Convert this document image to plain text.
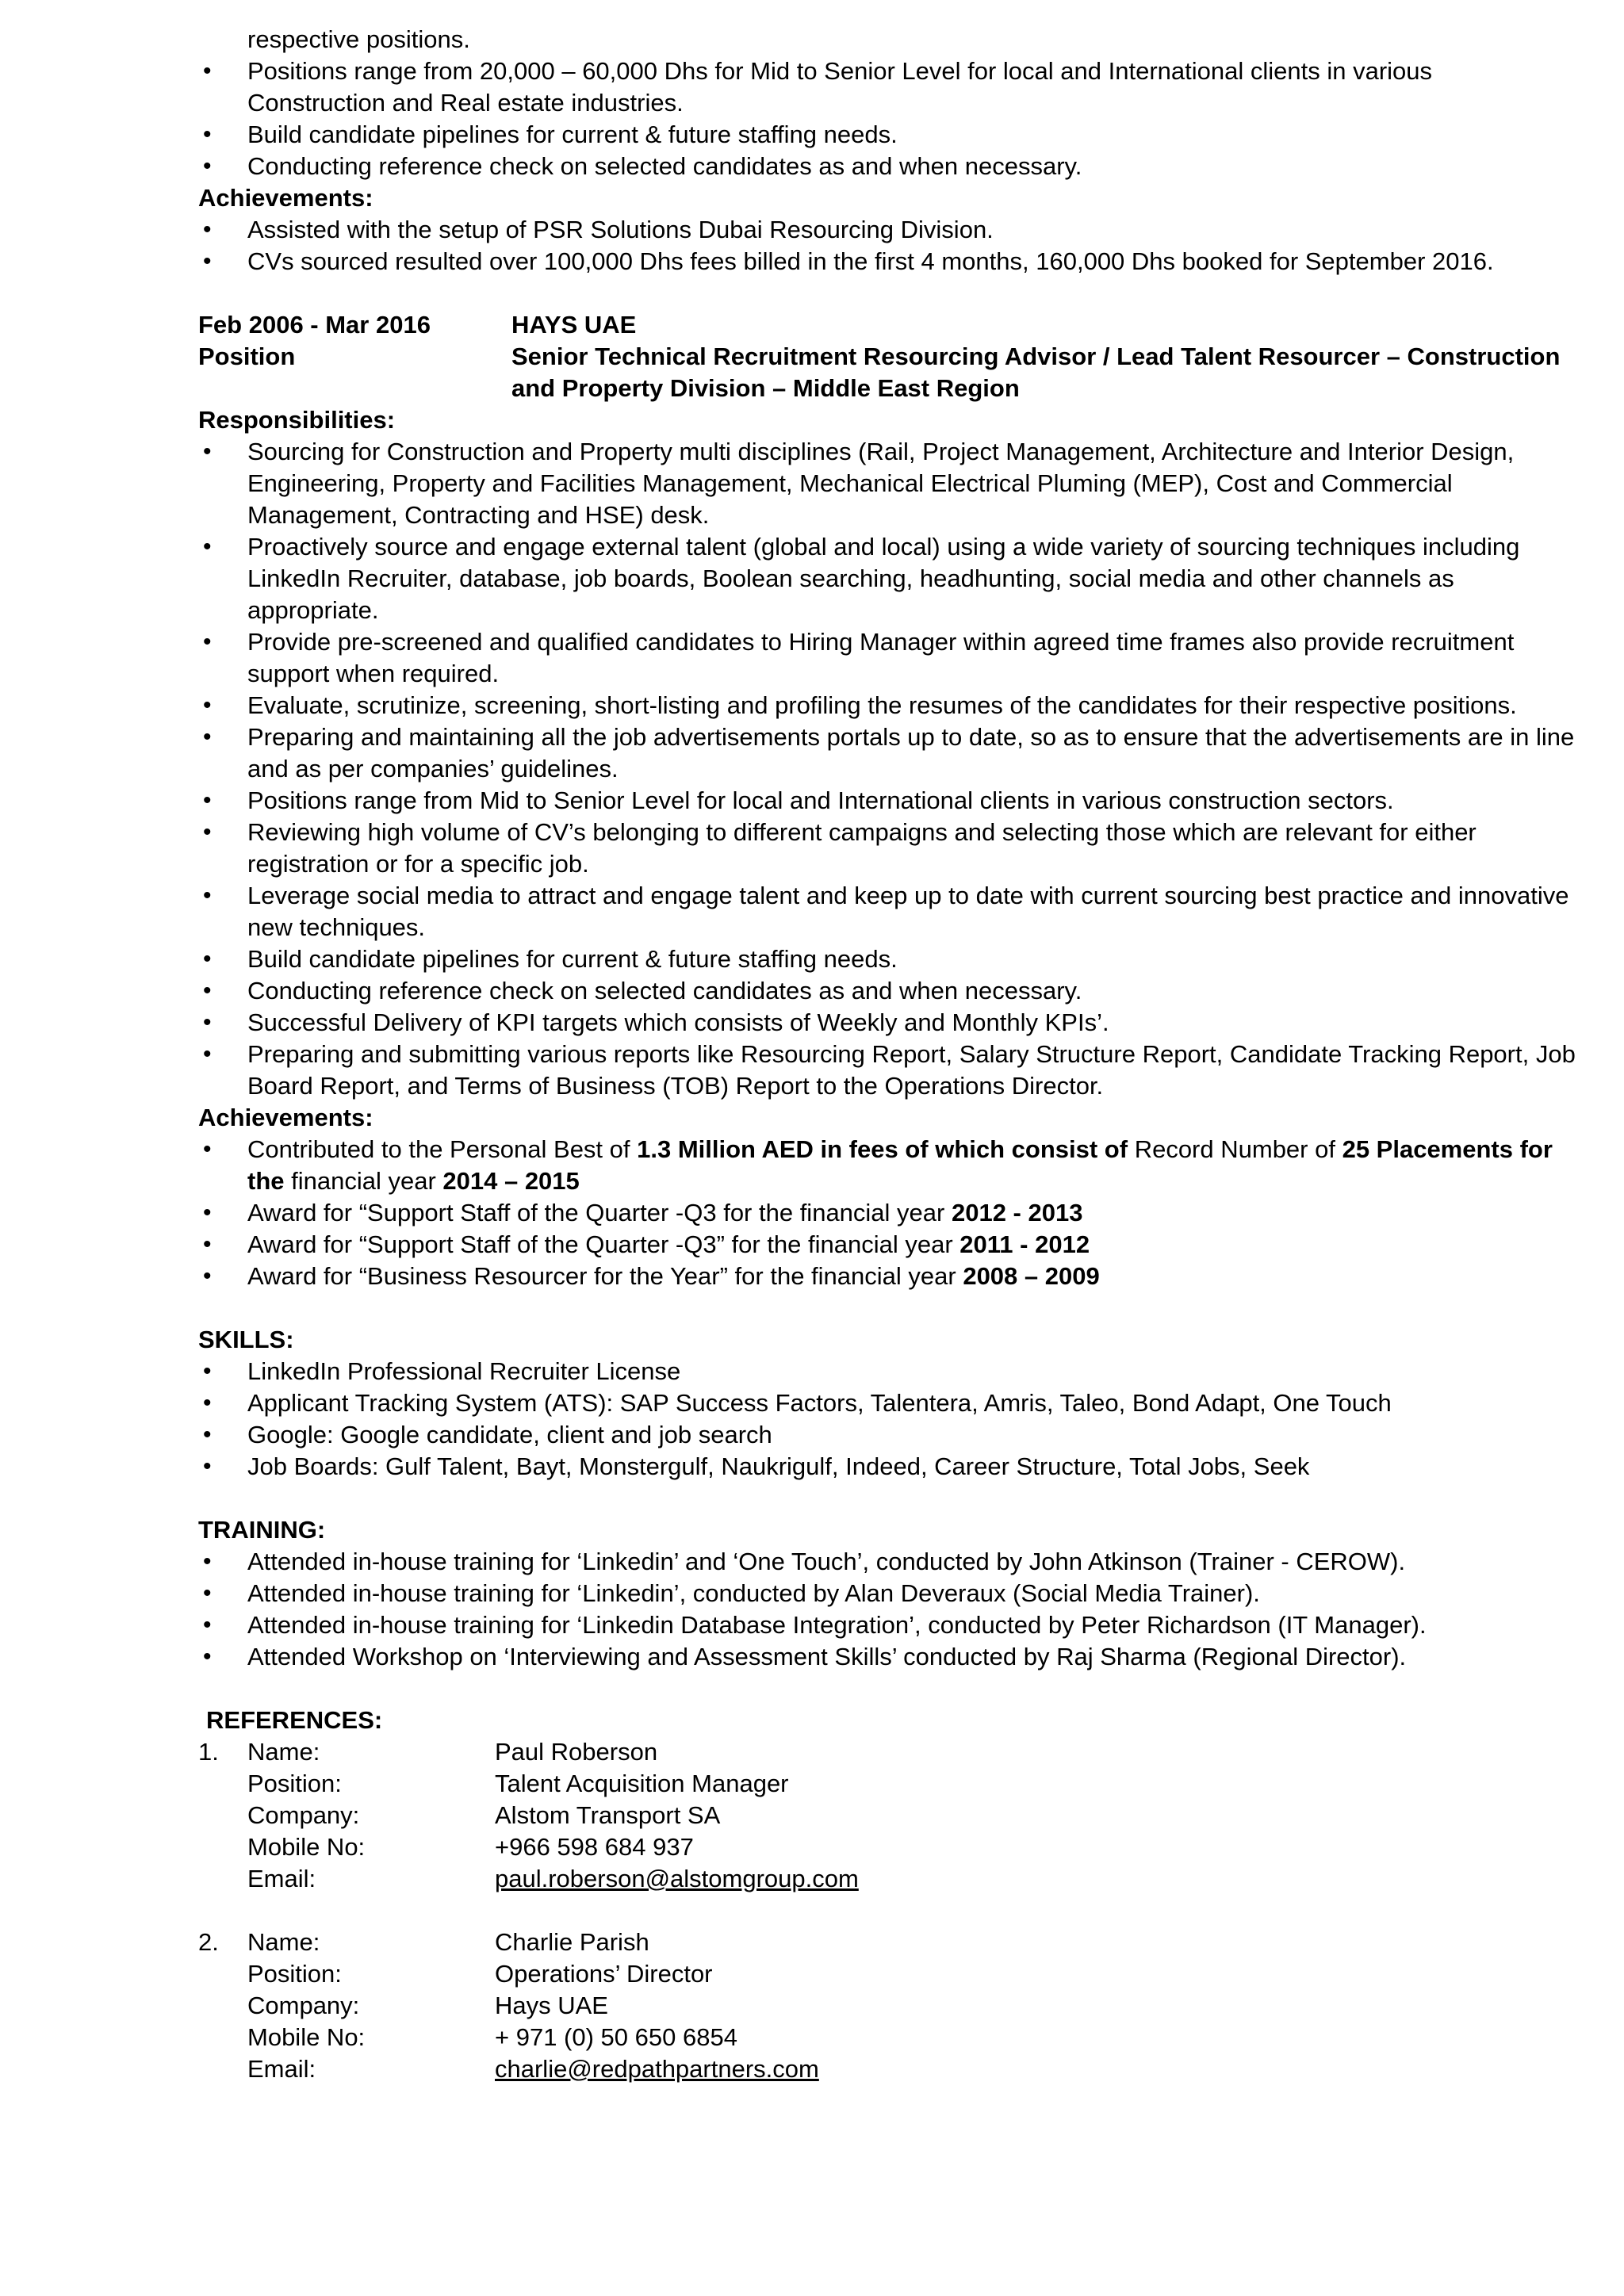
respective positions.

• Positions range from 20,000 – 60,000 Dhs for Mid to Senior Level for local and International clients in various Construction and Real estate industries.
• Build candidate pipelines for current & future staffing needs.
• Conducting reference check on selected candidates as and when necessary.

Achievements:

• Assisted with the setup of PSR Solutions Dubai Resourcing Division.
• CVs sourced resulted over 100,000 Dhs fees billed in the first 4 months, 160,000 Dhs booked for September 2016.
Feb 2006 - Mar 2016	HAYS UAE
Position	Senior Technical Recruitment Resourcing Advisor / Lead Talent Resourcer – Construction and Property Division – Middle East Region

Responsibilities:

• Sourcing for Construction and Property multi disciplines (Rail, Project Management, Architecture and Interior Design, Engineering, Property and Facilities Management, Mechanical Electrical Pluming (MEP), Cost and Commercial Management, Contracting and HSE) desk.
• Proactively source and engage external talent (global and local) using a wide variety of sourcing techniques including LinkedIn Recruiter, database, job boards, Boolean searching, headhunting, social media and other channels as appropriate.
• Provide pre-screened and qualified candidates to Hiring Manager within agreed time frames also provide recruitment support when required.
• Evaluate, scrutinize, screening, short-listing and profiling the resumes of the candidates for their respective positions.
• Preparing and maintaining all the job advertisements portals up to date, so as to ensure that the advertisements are in line and as per companies’ guidelines.
• Positions range from Mid to Senior Level for local and International clients in various construction sectors.
• Reviewing high volume of CV’s belonging to different campaigns and selecting those which are relevant for either registration or for a specific job.
• Leverage social media to attract and engage talent and keep up to date with current sourcing best practice and innovative new techniques.
• Build candidate pipelines for current & future staffing needs.
• Conducting reference check on selected candidates as and when necessary.
• Successful Delivery of KPI targets which consists of Weekly and Monthly KPIs’.
• Preparing and submitting various reports like Resourcing Report, Salary Structure Report, Candidate Tracking Report, Job Board Report, and Terms of Business (TOB) Report to the Operations Director.

Achievements:

• Contributed to the Personal Best of 1.3 Million AED in fees of which consist of Record Number of 25 Placements for the financial year 2014 – 2015
• Award for “Support Staff of the Quarter -Q3 for the financial year 2012 - 2013
• Award for “Support Staff of the Quarter -Q3” for the financial year 2011 - 2012
• Award for “Business Resourcer for the Year” for the financial year 2008 – 2009

SKILLS:

• LinkedIn Professional Recruiter License
• Applicant Tracking System (ATS): SAP Success Factors, Talentera, Amris, Taleo, Bond Adapt, One Touch
• Google: Google candidate, client and job search
• Job Boards: Gulf Talent, Bayt, Monstergulf, Naukrigulf, Indeed, Career Structure, Total Jobs, Seek

TRAINING:

• Attended in-house training for ‘Linkedin’ and ‘One Touch’, conducted by John Atkinson (Trainer - CEROW).
• Attended in-house training for ‘Linkedin’, conducted by Alan Deveraux (Social Media Trainer).
• Attended in-house training for ‘Linkedin Database Integration’, conducted by Peter Richardson (IT Manager).
• Attended Workshop on ‘Interviewing and Assessment Skills’ conducted by Raj Sharma (Regional Director).

REFERENCES:

1.	Name:	Paul Roberson
Position:	Talent Acquisition Manager
Company:	Alstom Transport SA
Mobile No:	+966 598 684 937
Email:	paul.roberson@alstomgroup.com
2.	Name:	Charlie Parish
Position:	Operations’ Director
Company:	Hays UAE
Mobile No:	+ 971 (0) 50 650 6854
Email:	charlie@redpathpartners.com
